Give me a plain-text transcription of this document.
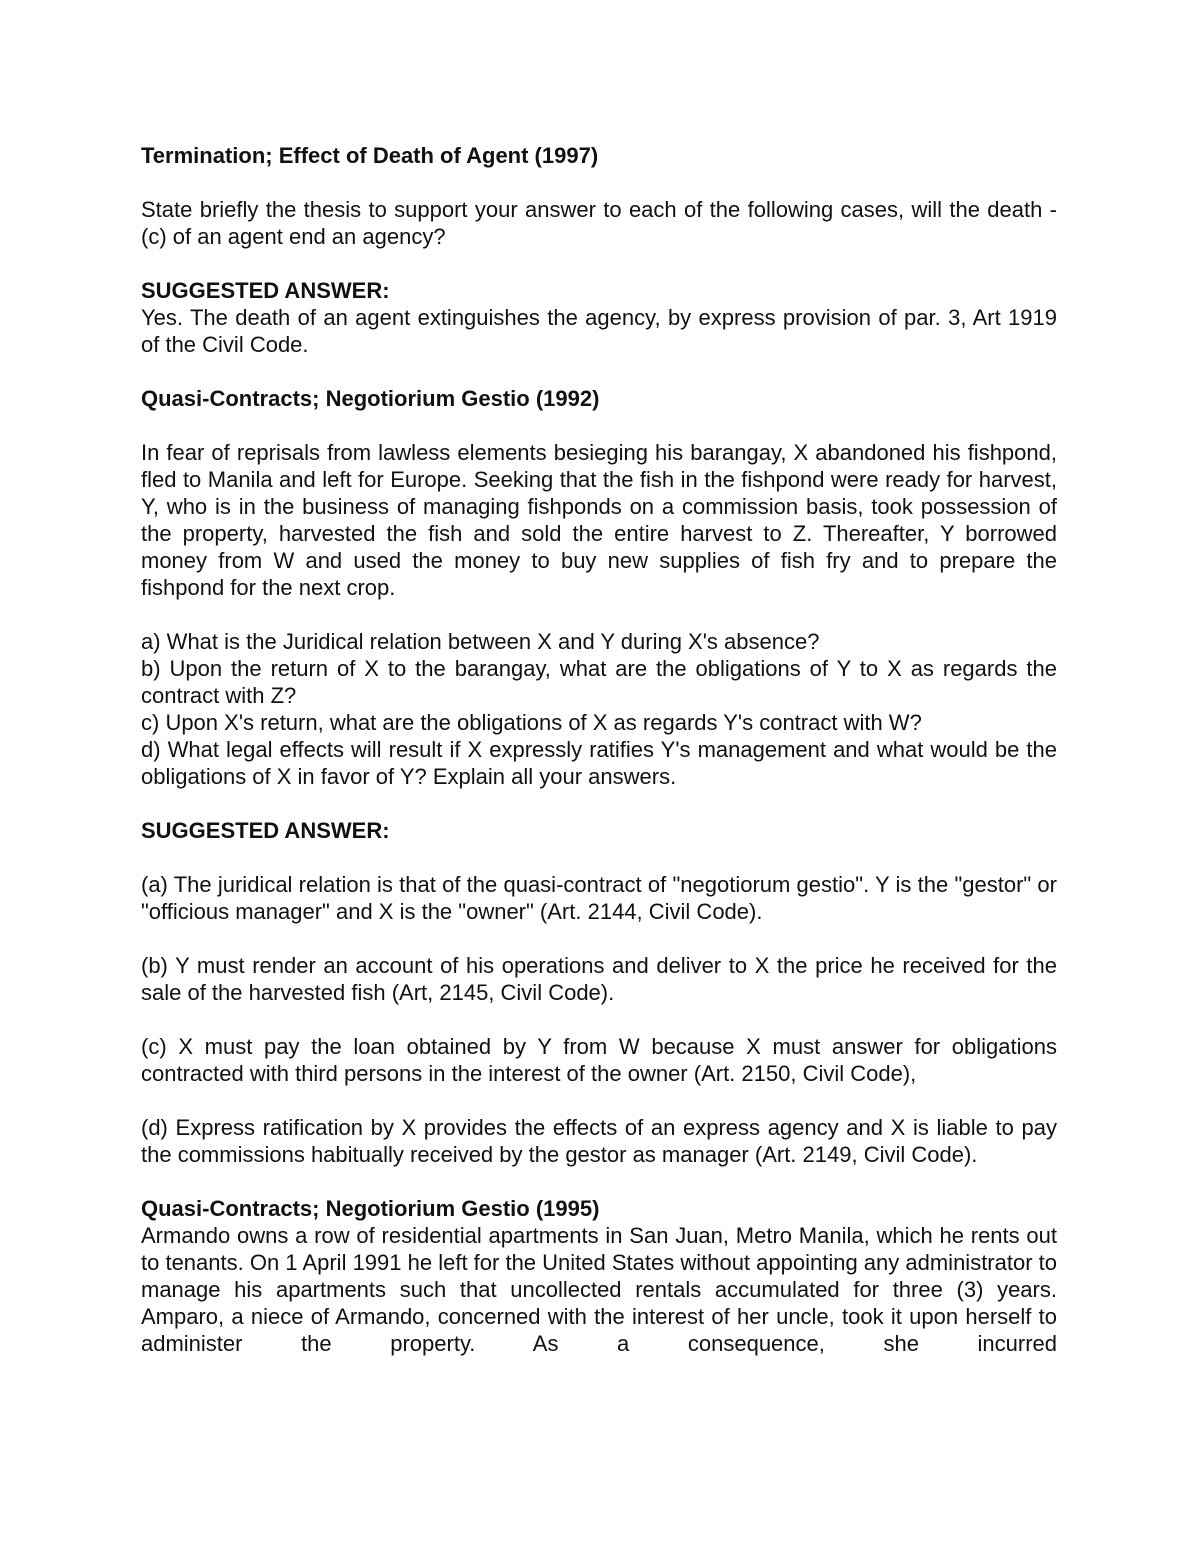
Termination; Effect of Death of Agent (1997)

State briefly the thesis to support your answer to each of the following cases, will the death - (c) of an agent end an agency?

SUGGESTED ANSWER:

Yes. The death of an agent extinguishes the agency, by express provision of par. 3, Art 1919 of the Civil Code.

Quasi-Contracts; Negotiorium Gestio (1992)

In fear of reprisals from lawless elements besieging his barangay, X abandoned his fishpond, fled to Manila and left for Europe. Seeking that the fish in the fishpond were ready for harvest, Y, who is in the business of managing fishponds on a commission basis, took possession of the property, harvested the fish and sold the entire harvest to Z. Thereafter, Y borrowed money from W and used the money to buy new supplies of fish fry and to prepare the fishpond for the next crop.

a) What is the Juridical relation between X and Y during X's absence?

b) Upon the return of X to the barangay, what are the obligations of Y to X as regards the contract with Z?

c) Upon X's return, what are the obligations of X as regards Y's contract with W?

d) What legal effects will result if X expressly ratifies Y's management and what would be the obligations of X in favor of Y? Explain all your answers.

SUGGESTED ANSWER:

(a) The juridical relation is that of the quasi-contract of "negotiorum gestio". Y is the "gestor" or "officious manager" and X is the "owner" (Art. 2144, Civil Code).

(b) Y must render an account of his operations and deliver to X the price he received for the sale of the harvested fish (Art, 2145, Civil Code).

(c) X must pay the loan obtained by Y from W because X must answer for obligations contracted with third persons in the interest of the owner (Art. 2150, Civil Code),

(d) Express ratification by X provides the effects of an express agency and X is liable to pay the commissions habitually received by the gestor as manager (Art. 2149, Civil Code).

Quasi-Contracts; Negotiorium Gestio (1995)

Armando owns a row of residential apartments in San Juan, Metro Manila, which he rents out to tenants. On 1 April 1991 he left for the United States without appointing any administrator to manage his apartments such that uncollected rentals accumulated for three (3) years. Amparo, a niece of Armando, concerned with the interest of her uncle, took it upon herself to administer the property. As a consequence, she incurred
